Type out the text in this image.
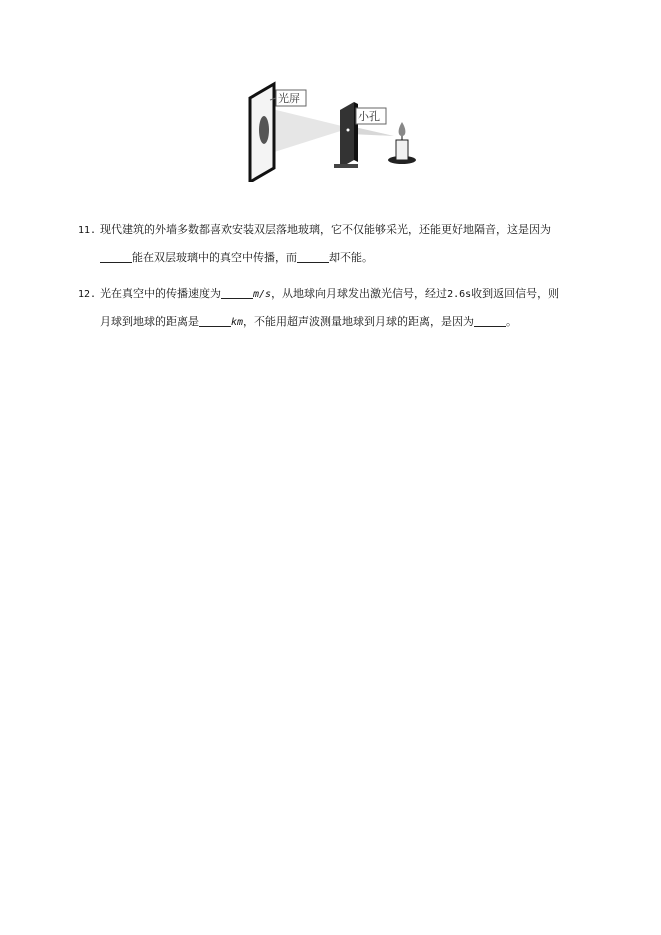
光屏
小孔
11. 现代建筑的外墙多数都喜欢安装双层落地玻璃，它不仅能够采光，还能更好地隔音，这是因为
能在双层玻璃中的真空中传播，而	却不能。
12. 光在真空中的传播速度为	m/s，从地球向月球发出激光信号，经过2.6s收到返回信号，则
月球到地球的距离是	km，不能用超声波测量地球到月球的距离，是因为	。
